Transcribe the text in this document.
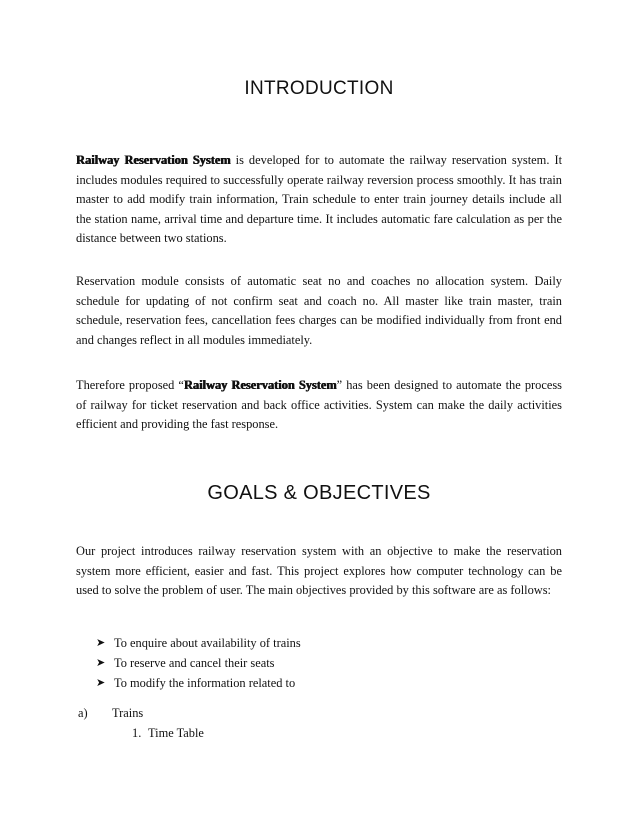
INTRODUCTION

Railway Reservation System is developed for to automate the railway reservation system. It includes modules required to successfully operate railway reversion process smoothly. It has train master to add modify train information, Train schedule to enter train journey details include all the station name, arrival time and departure time. It includes automatic fare calculation as per the distance between two stations.

Reservation module consists of automatic seat no and coaches no allocation system. Daily schedule for updating of not confirm seat and coach no. All master like train master, train schedule, reservation fees, cancellation fees charges can be modified individually from front end and changes reflect in all modules immediately.

Therefore proposed “Railway Reservation System” has been designed to automate the process of railway for ticket reservation and back office activities. System can make the daily activities efficient and providing the fast response.

GOALS & OBJECTIVES

Our project introduces railway reservation system with an objective to make the reservation system more efficient, easier and fast. This project explores how computer technology can be used to solve the problem of user. The main objectives provided by this software are as follows:

➤ To enquire about availability of trains
➤ To reserve and cancel their seats
➤ To modify the information related to
a) Trains
1. Time Table
